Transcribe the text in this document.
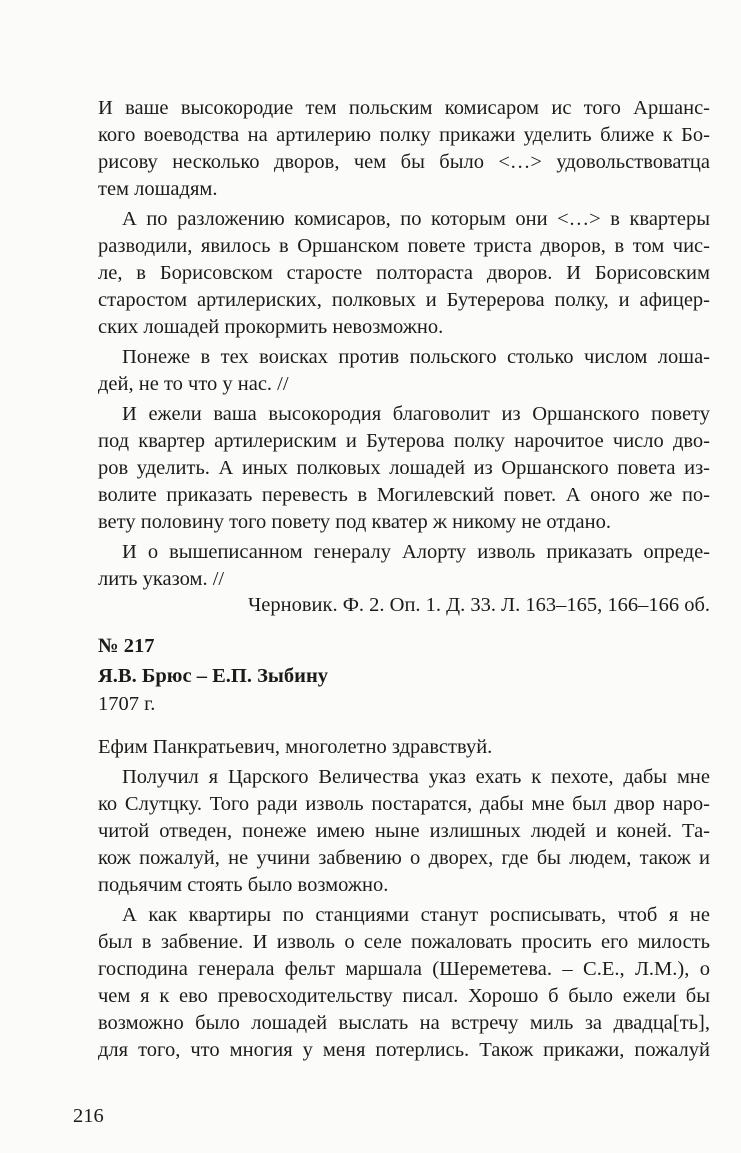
И ваше высокородие тем польским комисаром ис того Аршанс-
кого воеводства на артилерию полку прикажи уделить ближе к Бо-
рисову несколько дворов, чем бы было <…> удовольствоватца
тем лошадям.
А по разложению комисаров, по которым они <…> в квартеры
разводили, явилось в Оршанском повете триста дворов, в том чис-
ле, в Борисовском старосте полтораста дворов. И Борисовским
старостом артилериских, полковых и Бутерерова полку, и афицер-
ских лошадей прокормить невозможно.
Понеже в тех воисках против польского столько числом лоша-
дей, не то что у нас. //
И ежели ваша высокородия благоволит из Оршанского повету
под квартер артилериским и Бутерова полку нарочитое число дво-
ров уделить. А иных полковых лошадей из Оршанского повета из-
волите приказать перевесть в Могилевский повет. А оного же по-
вету половину того повету под кватер ж никому не отдано.
И о вышеписанном генералу Алорту изволь приказать опреде-
лить указом. //
Черновик. Ф. 2. Оп. 1. Д. 33. Л. 163–165, 166–166 об.
№ 217
Я.В. Брюс – Е.П. Зыбину
1707 г.
Ефим Панкратьевич, многолетно здравствуй.
Получил я Царского Величества указ ехать к пехоте, дабы мне
ко Слутцку. Того ради изволь постаратся, дабы мне был двор наро-
читой отведен, понеже имею ныне излишных людей и коней. Та-
кож пожалуй, не учини забвению о дворех, где бы людем, також и
подьячим стоять было возможно.
А как квартиры по станциями станут росписывать, чтоб я не
был в забвение. И изволь о селе пожаловать просить его милость
господина генерала фельт маршала (Шереметева. – С.Е., Л.М.), о
чем я к ево превосходительству писал. Хорошо б было ежели бы
возможно было лошадей выслать на встречу миль за двадца[ть],
для того, что многия у меня потерлись. Також прикажи, пожалуй
216
